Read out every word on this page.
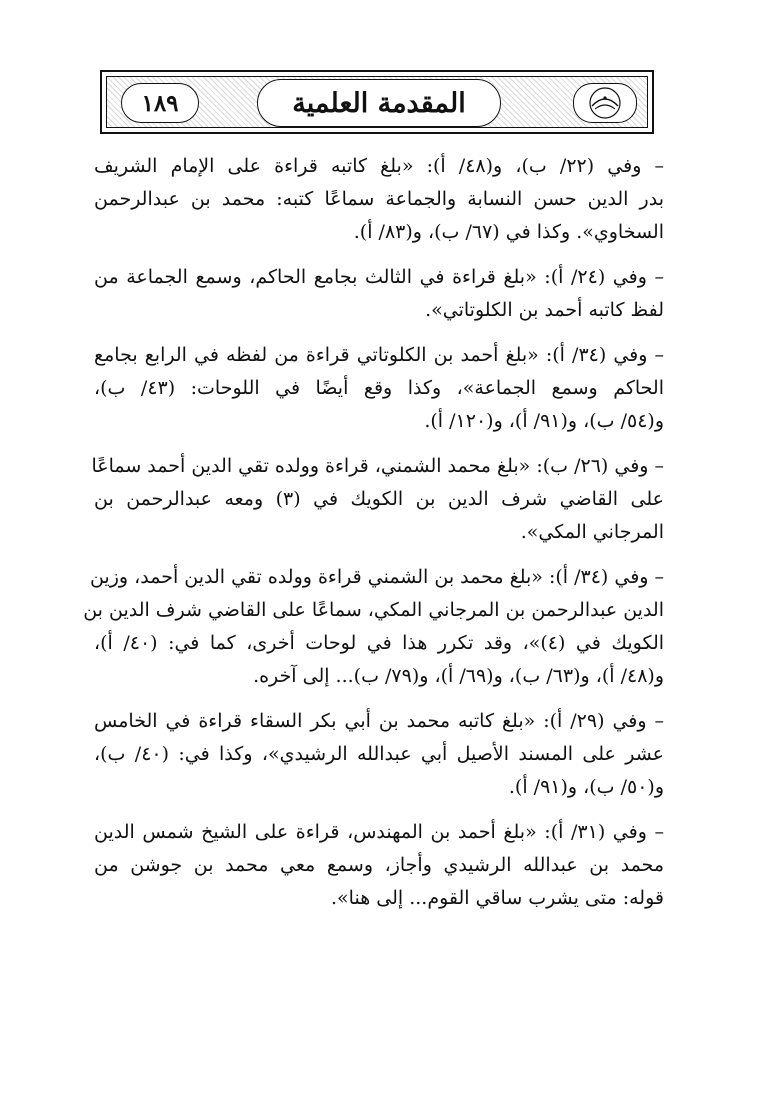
المقدمة العلمية
١٨٩
– وفي (٢٢/ ب)، و(٤٨/ أ): «بلغ كاتبه قراءة على الإمام الشريف
بدر الدين حسن النسابة والجماعة سماعًا كتبه: محمد بن عبدالرحمن
السخاوي». وكذا في (٦٧/ ب)، و(٨٣/ أ).
– وفي (٢٤/ أ): «بلغ قراءة في الثالث بجامع الحاكم، وسمع الجماعة من
لفظ كاتبه أحمد بن الكلوتاتي».
– وفي (٣٤/ أ): «بلغ أحمد بن الكلوتاتي قراءة من لفظه في الرابع بجامع
الحاكم وسمع الجماعة»، وكذا وقع أيضًا في اللوحات: (٤٣/ ب)،
و(٥٤/ ب)، و(٩١/ أ)، و(١٢٠/ أ).
– وفي (٢٦/ ب): «بلغ محمد الشمني، قراءة وولده تقي الدين أحمد سماعًا
على القاضي شرف الدين بن الكويك في (٣) ومعه عبدالرحمن بن
المرجاني المكي».
– وفي (٣٤/ أ): «بلغ محمد بن الشمني قراءة وولده تقي الدين أحمد، وزين
الدين عبدالرحمن بن المرجاني المكي، سماعًا على القاضي شرف الدين بن
الكويك في (٤)»، وقد تكرر هذا في لوحات أخرى، كما في: (٤٠/ أ)،
و(٤٨/ أ)، و(٦٣/ ب)، و(٦٩/ أ)، و(٧٩/ ب)... إلى آخره.
– وفي (٢٩/ أ): «بلغ كاتبه محمد بن أبي بكر السقاء قراءة في الخامس
عشر على المسند الأصيل أبي عبدالله الرشيدي»، وكذا في: (٤٠/ ب)،
و(٥٠/ ب)، و(٩١/ أ).
– وفي (٣١/ أ): «بلغ أحمد بن المهندس، قراءة على الشيخ شمس الدين
محمد بن عبدالله الرشيدي وأجاز، وسمع معي محمد بن جوشن من
قوله: متى يشرب ساقي القوم... إلى هنا».
